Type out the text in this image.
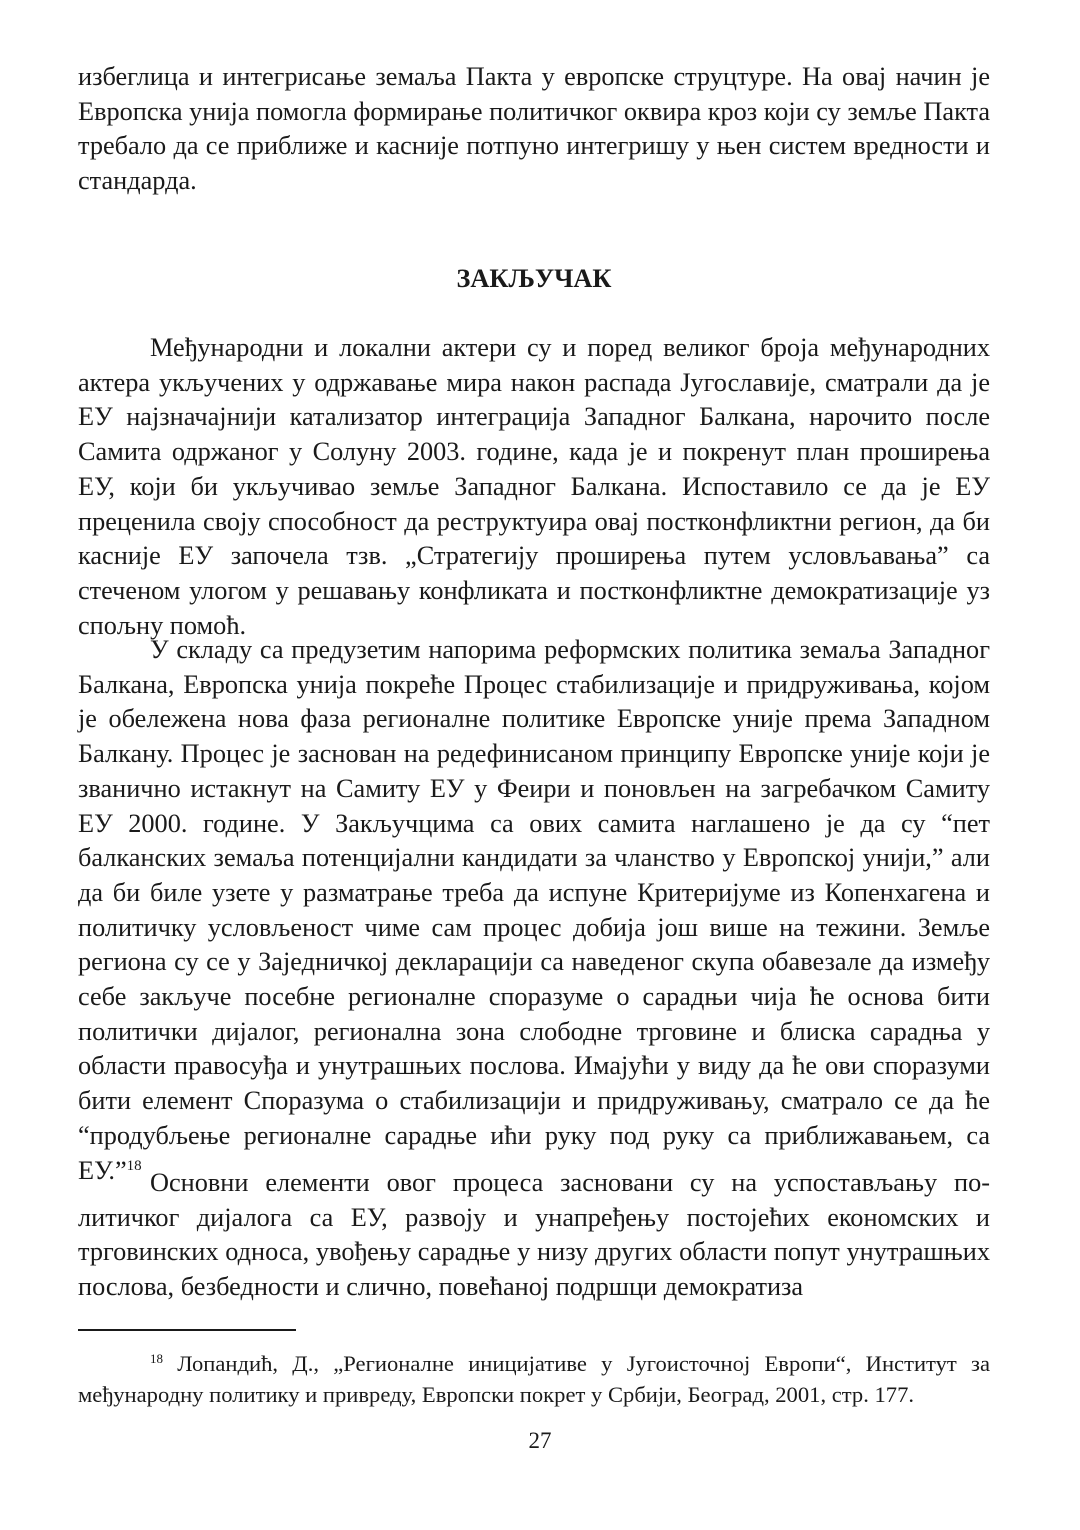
избеглица и интегрисање земаља Пакта у европске струцтуре. На овај начин је Европска унија помогла формирање политичког оквира кроз који су земље Пакта требало да се приближе и касније потпуно интегришу у њен систем вредности и стандарда.

ЗАКЉУЧАК

Међународни и локални актери су и поред великог броја међународних актера укључених у одржавање мира након распада Југославије, сматрали да је ЕУ најзначајнији катализатор интеграција Западног Балкана, нарочито после Самита одржаног у Солуну 2003. године, када је и покренут план проширења ЕУ, који би укључивао земље Западног Балкана. Испоставило се да је ЕУ преценила своју способност да реструктуира овај постконфликтни регион, да би касније ЕУ започела тзв. „Стратегију проширења путем условљавања” са стеченом улогом у решавању конфликата и постконфликтне демократизације уз спољну помоћ.

У складу са предузетим напорима реформских политика земаља Западног Балкана, Европска унија покреће Процес стабилизације и придруживања, којом је обележена нова фаза регионалне политике Европске уније према Западном Балкану. Процес је заснован на редефинисаном принципу Европске уније који је званично истакнут на Самиту ЕУ у Феири и поновљен на загребачком Самиту ЕУ 2000. године. У Закључцима са ових самита наглашено је да су “пет балканских земаља потенцијални кандидати за чланство у Европској унији,” али да би биле узете у разматрање треба да испуне Критеријуме из Копенхагена и политичку условљеност чиме сам процес добија још више на тежини. Земље региона су се у Заједничкој декларацији са наведеног скупа обавезале да између себе закључе посебне регионалне споразуме о сарадњи чија ће основа бити политички дијалог, регионална зона слободне трговине и блиска сарадња у области правосуђа и унутрашњих послова. Имајући у виду да ће ови споразуми бити елемент Споразума о стабилизацији и придруживању, сматрало се да ће “продубљење регионалне сарадње ићи руку под руку са приближавањем, са ЕУ.”$^{18}$

Основни елементи овог процеса засновани су на успостављању политичког дијалога са ЕУ, развоју и унапређењу постојећих економских и трговинских односа, увођењу сарадње у низу других области попут унутрашњих послова, безбедности и слично, повећаној подршци демократиза

$^{18}$ Лопандић, Д., „Регионалне иницијативе у Југоисточној Европи“, Институт за међународну политику и привреду, Европски покрет у Србији, Београд, 2001, стр. 177.

27
